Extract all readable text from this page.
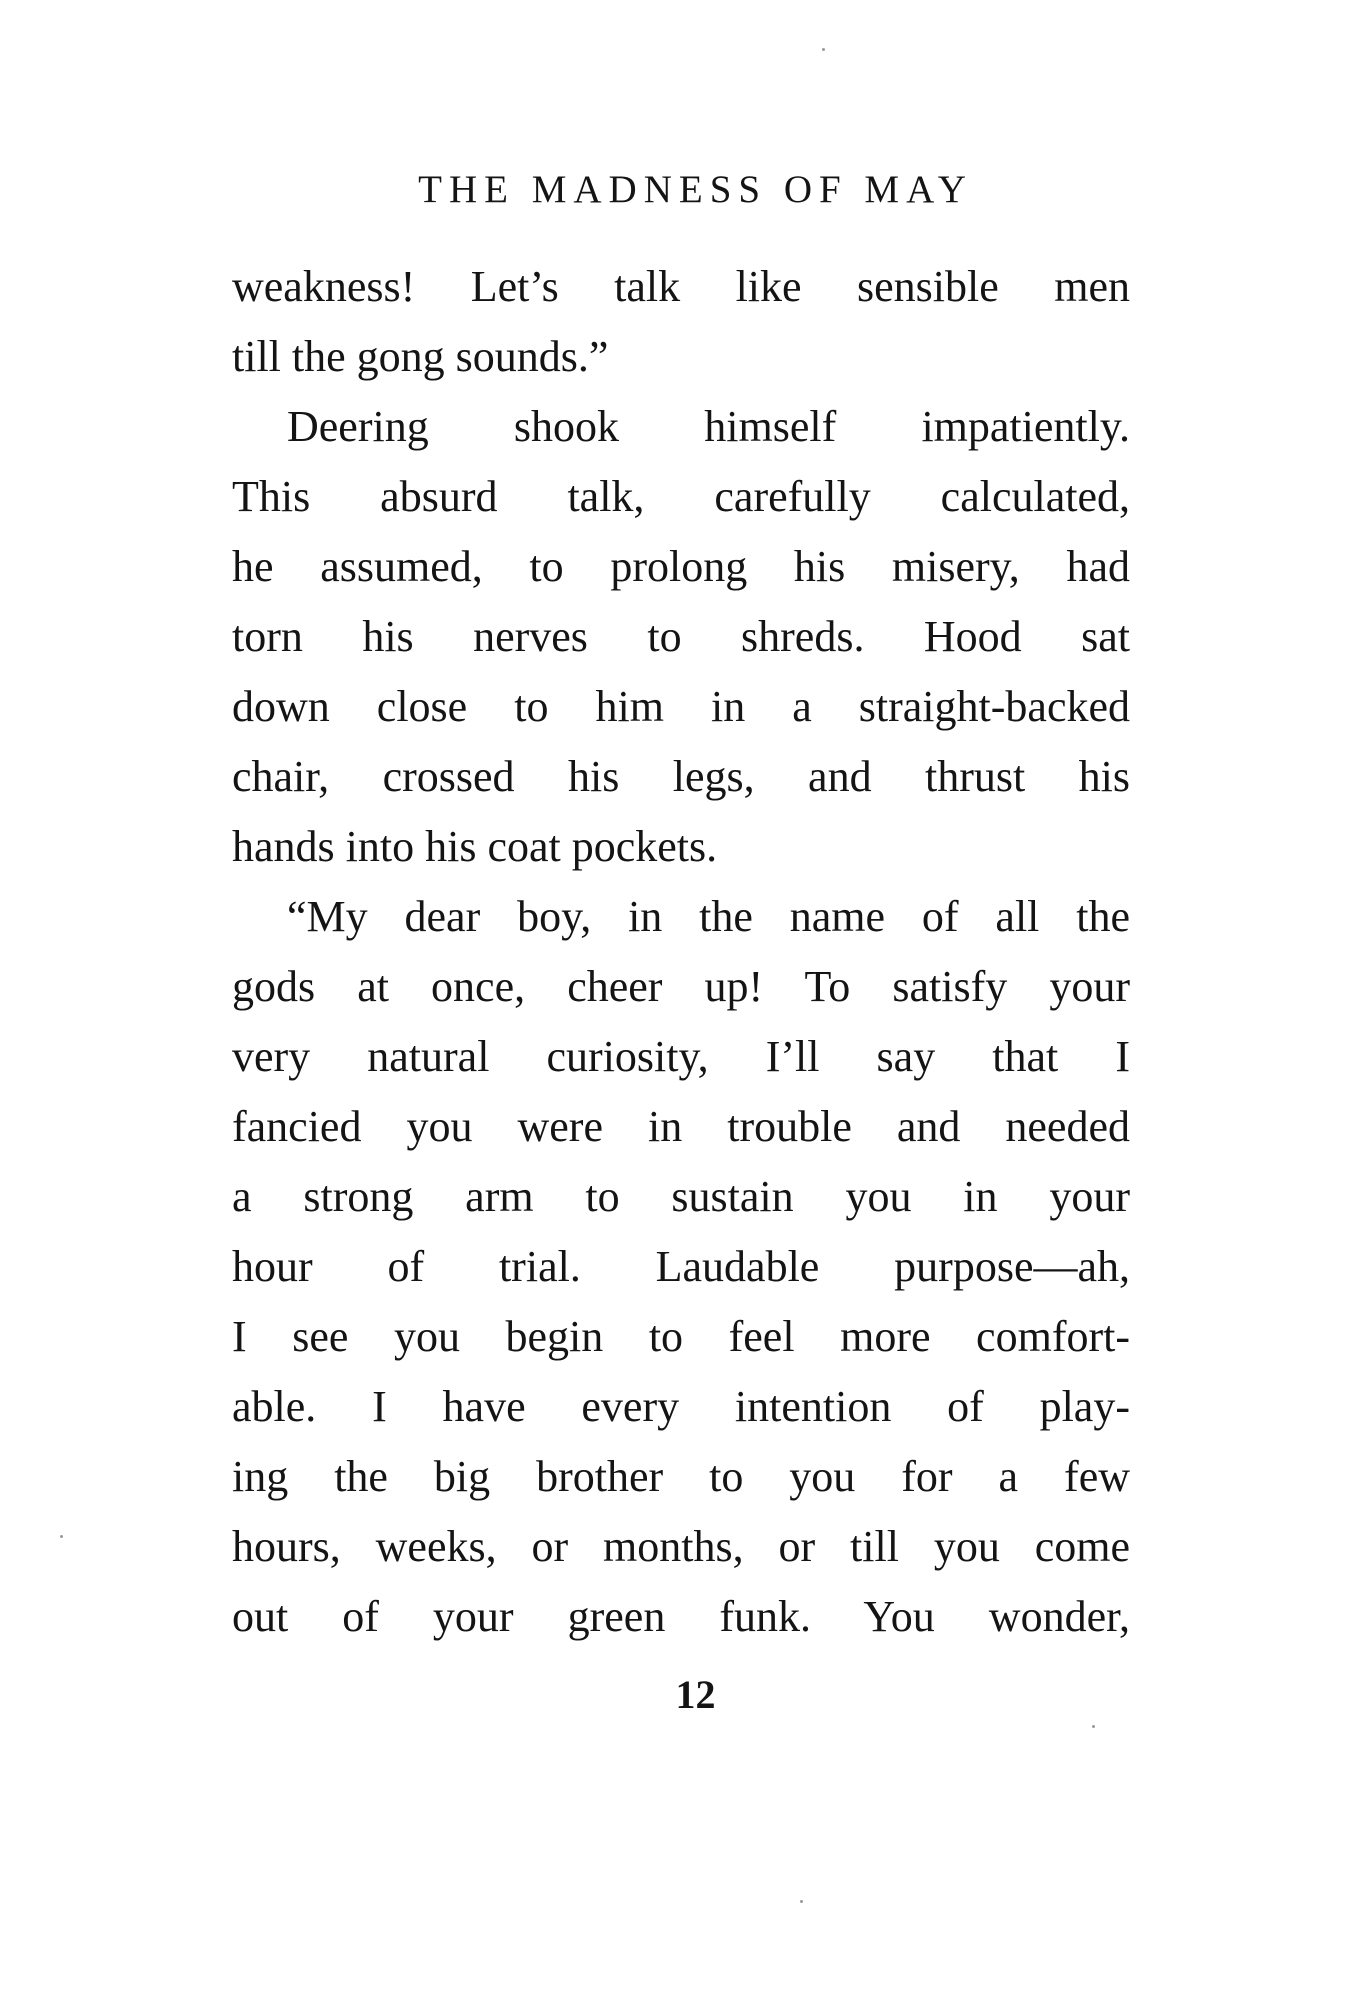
THE MADNESS OF MAY
weakness! Let’s talk like sensible men
till the gong sounds.”
Deering shook himself impatiently.
This absurd talk, carefully calculated,
he assumed, to prolong his misery, had
torn his nerves to shreds. Hood sat
down close to him in a straight-backed
chair, crossed his legs, and thrust his
hands into his coat pockets.
“My dear boy, in the name of all the
gods at once, cheer up! To satisfy your
very natural curiosity, I’ll say that I
fancied you were in trouble and needed
a strong arm to sustain you in your
hour of trial. Laudable purpose—ah,
I see you begin to feel more comfort-
able. I have every intention of play-
ing the big brother to you for a few
hours, weeks, or months, or till you come
out of your green funk. You wonder,
12
